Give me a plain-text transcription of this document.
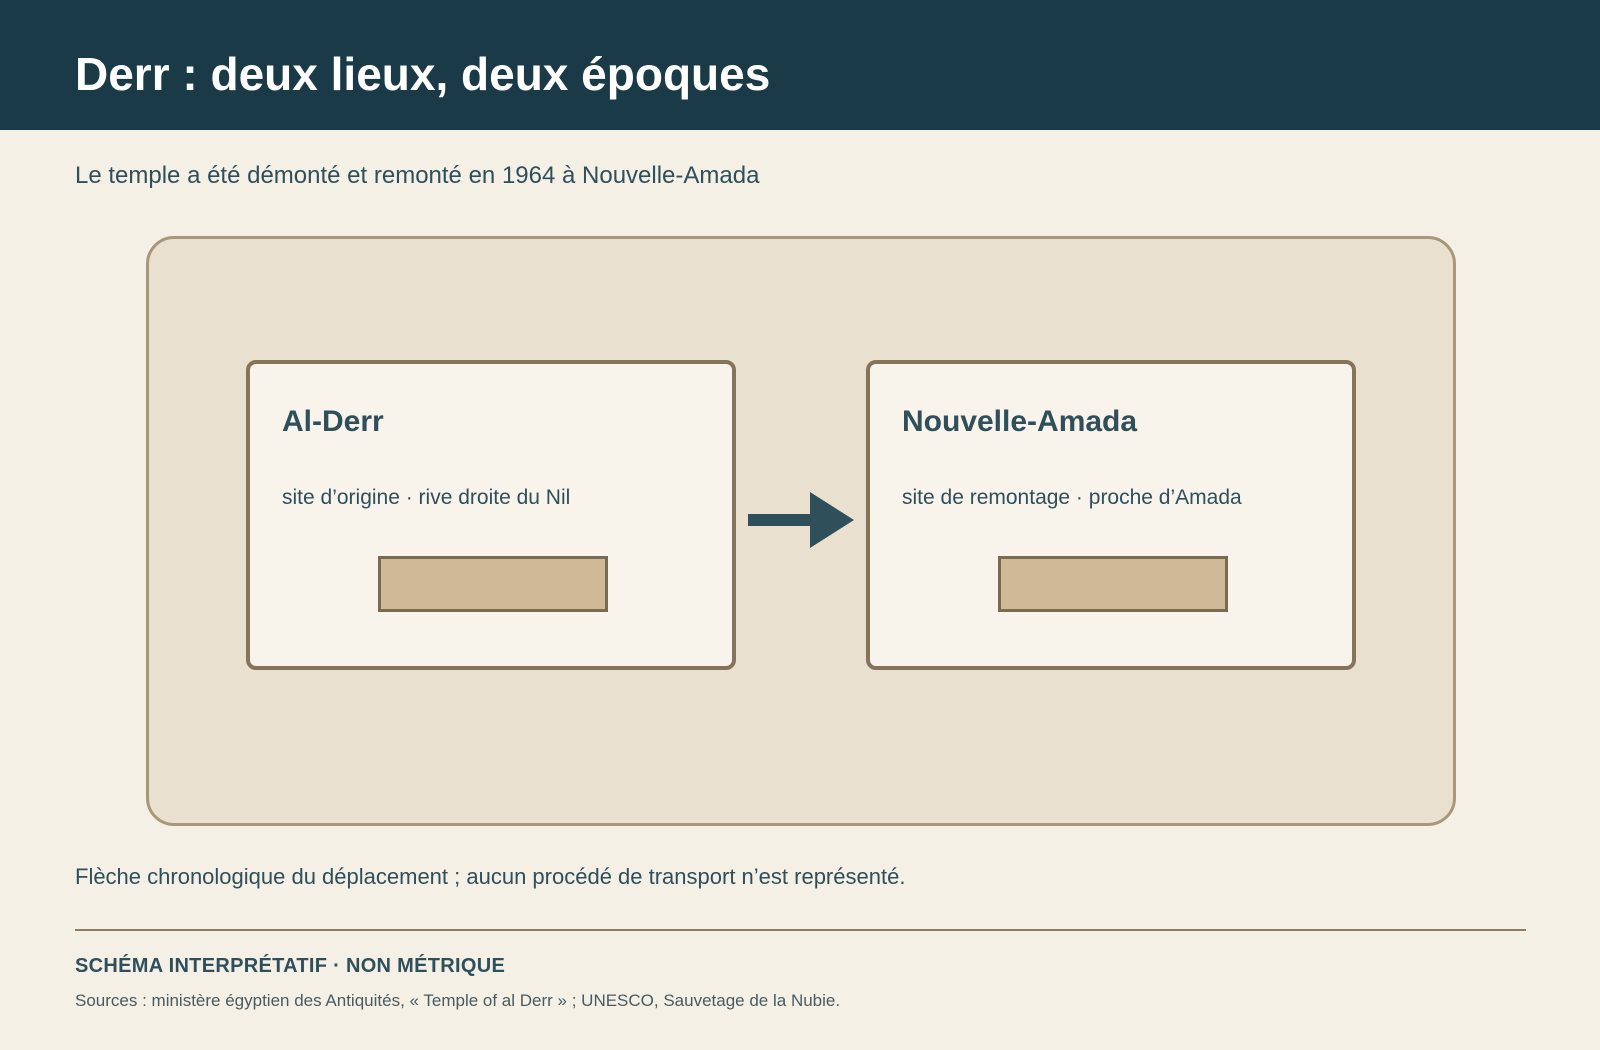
Derr : deux lieux, deux époques
Le temple a été démonté et remonté en 1964 à Nouvelle-Amada
Al-Derr
site d’origine · rive droite du Nil
Nouvelle-Amada
site de remontage · proche d’Amada
Flèche chronologique du déplacement ; aucun procédé de transport n’est représenté.
SCHÉMA INTERPRÉTATIF · NON MÉTRIQUE
Sources : ministère égyptien des Antiquités, « Temple of al Derr » ; UNESCO, Sauvetage de la Nubie.
